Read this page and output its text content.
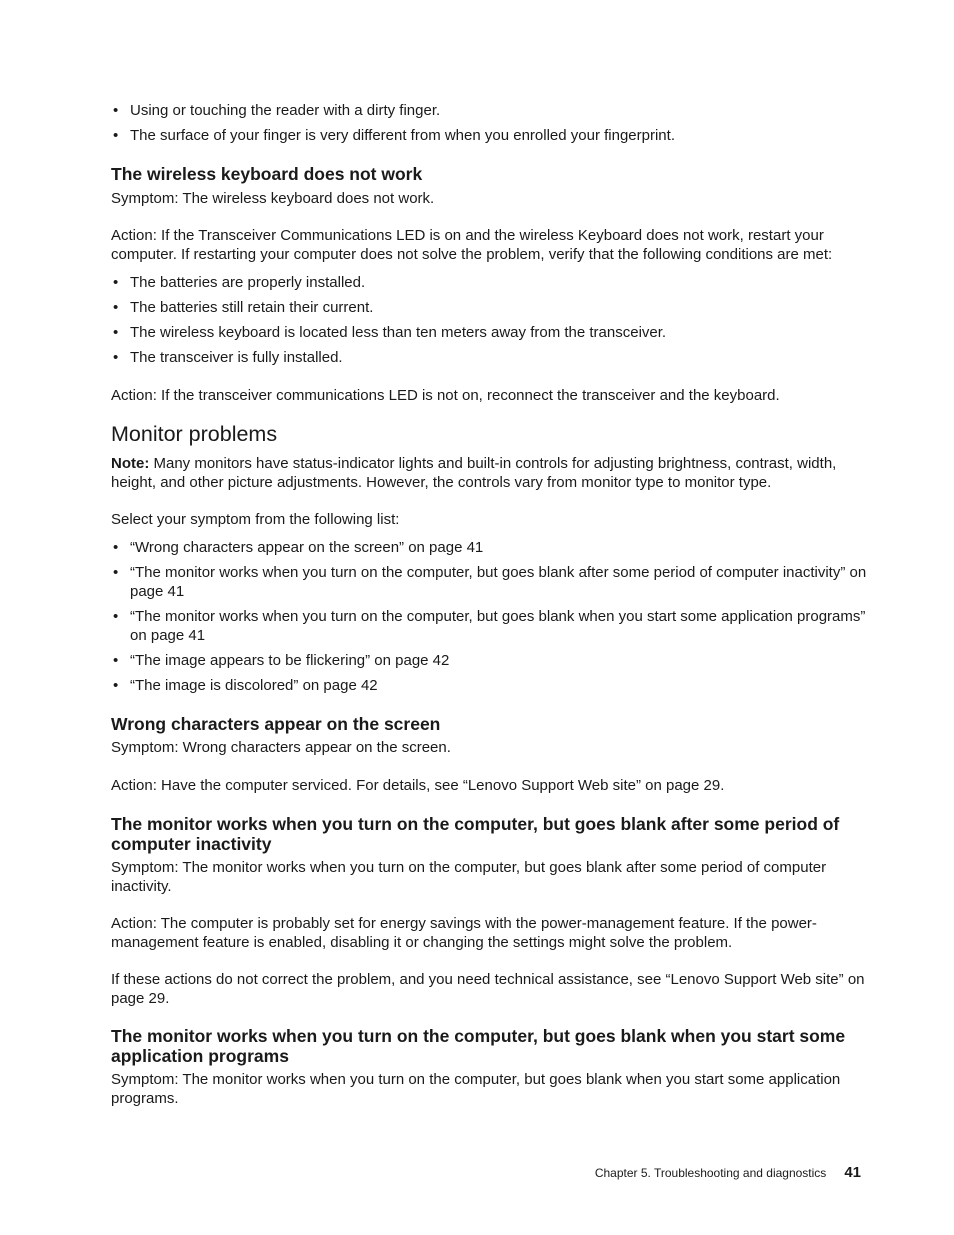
• Using or touching the reader with a dirty finger.
• The surface of your finger is very different from when you enrolled your fingerprint.
The wireless keyboard does not work

Symptom: The wireless keyboard does not work.

Action: If the Transceiver Communications LED is on and the wireless Keyboard does not work, restart your computer. If restarting your computer does not solve the problem, verify that the following conditions are met:

• The batteries are properly installed.
• The batteries still retain their current.
• The wireless keyboard is located less than ten meters away from the transceiver.
• The transceiver is fully installed.

Action: If the transceiver communications LED is not on, reconnect the transceiver and the keyboard.

Monitor problems

Note: Many monitors have status-indicator lights and built-in controls for adjusting brightness, contrast, width, height, and other picture adjustments. However, the controls vary from monitor type to monitor type.

Select your symptom from the following list:

• “Wrong characters appear on the screen” on page 41
• “The monitor works when you turn on the computer, but goes blank after some period of computer inactivity” on page 41
• “The monitor works when you turn on the computer, but goes blank when you start some application programs” on page 41
• “The image appears to be flickering” on page 42
• “The image is discolored” on page 42
Wrong characters appear on the screen

Symptom: Wrong characters appear on the screen.

Action: Have the computer serviced. For details, see “Lenovo Support Web site” on page 29.

The monitor works when you turn on the computer, but goes blank after some period of computer inactivity

Symptom: The monitor works when you turn on the computer, but goes blank after some period of computer inactivity.

Action: The computer is probably set for energy savings with the power-management feature. If the power-management feature is enabled, disabling it or changing the settings might solve the problem.

If these actions do not correct the problem, and you need technical assistance, see “Lenovo Support Web site” on page 29.

The monitor works when you turn on the computer, but goes blank when you start some application programs

Symptom: The monitor works when you turn on the computer, but goes blank when you start some application programs.

Chapter 5. Troubleshooting and diagnostics 41
